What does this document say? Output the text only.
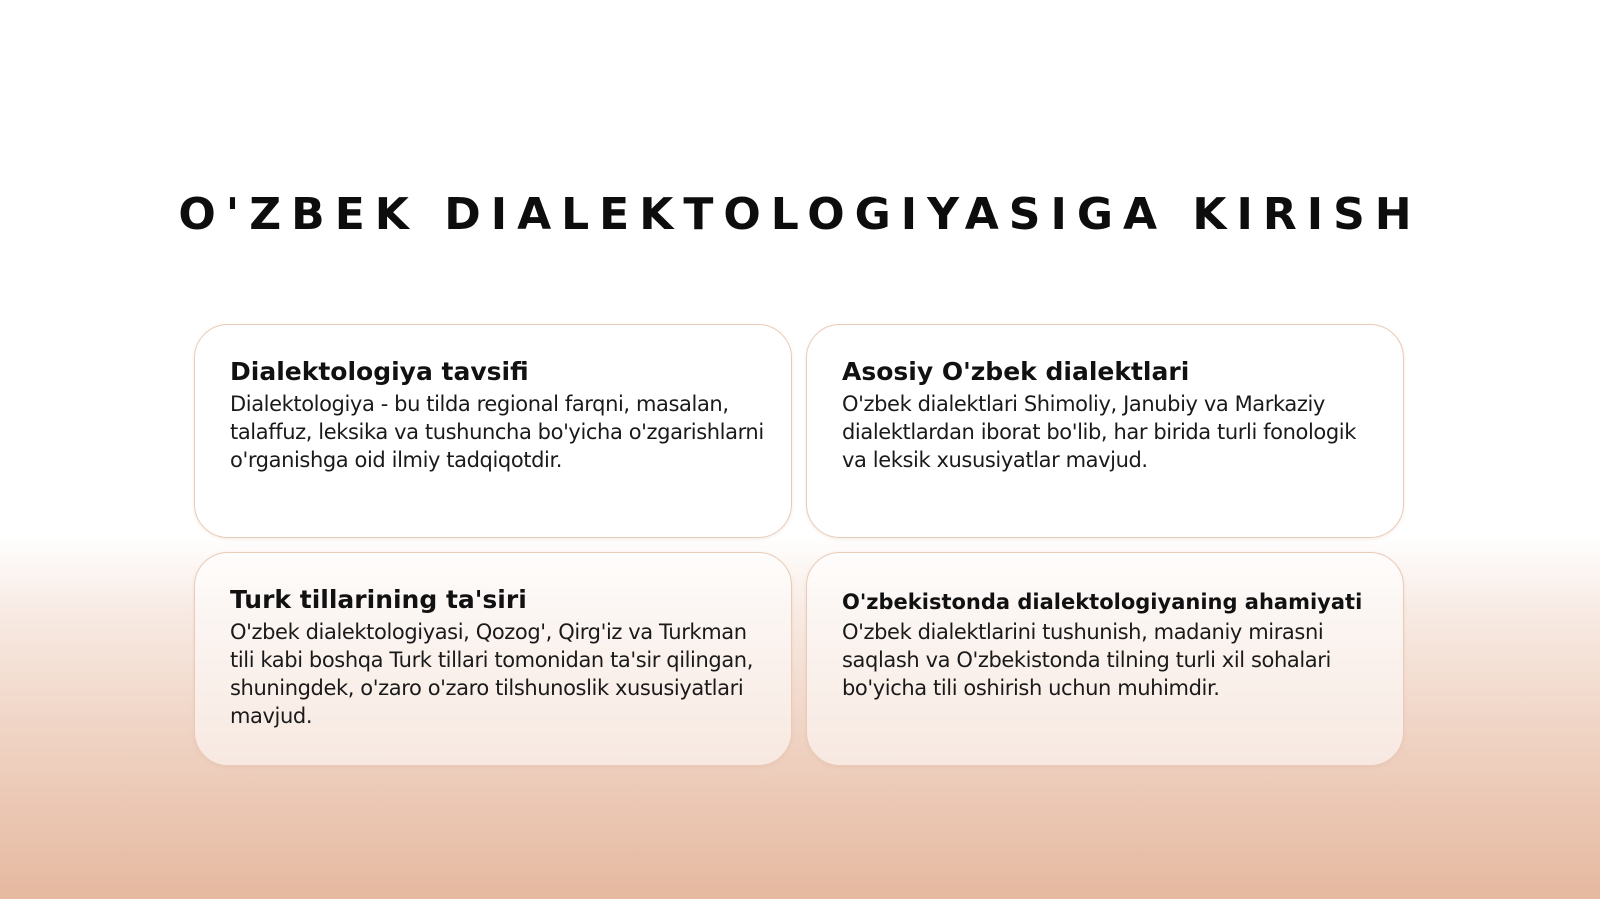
O'ZBEK DIALEKTOLOGIYASIGA KIRISH
Dialektologiya tavsifi

Dialektologiya - bu tilda regional farqni, masalan, talaffuz, leksika va tushuncha bo'yicha o'zgarishlarni o'rganishga oid ilmiy tadqiqotdir.

Asosiy O'zbek dialektlari

O'zbek dialektlari Shimoliy, Janubiy va Markaziy dialektlardan iborat bo'lib, har birida turli fonologik va leksik xususiyatlar mavjud.

Turk tillarining ta'siri

O'zbek dialektologiyasi, Qozog', Qirg'iz va Turkman tili kabi boshqa Turk tillari tomonidan ta'sir qilingan, shuningdek, o'zaro o'zaro tilshunoslik xususiyatlari mavjud.

O'zbekistonda dialektologiyaning ahamiyati

O'zbek dialektlarini tushunish, madaniy mirasni saqlash va O'zbekistonda tilning turli xil sohalari bo'yicha tili oshirish uchun muhimdir.
